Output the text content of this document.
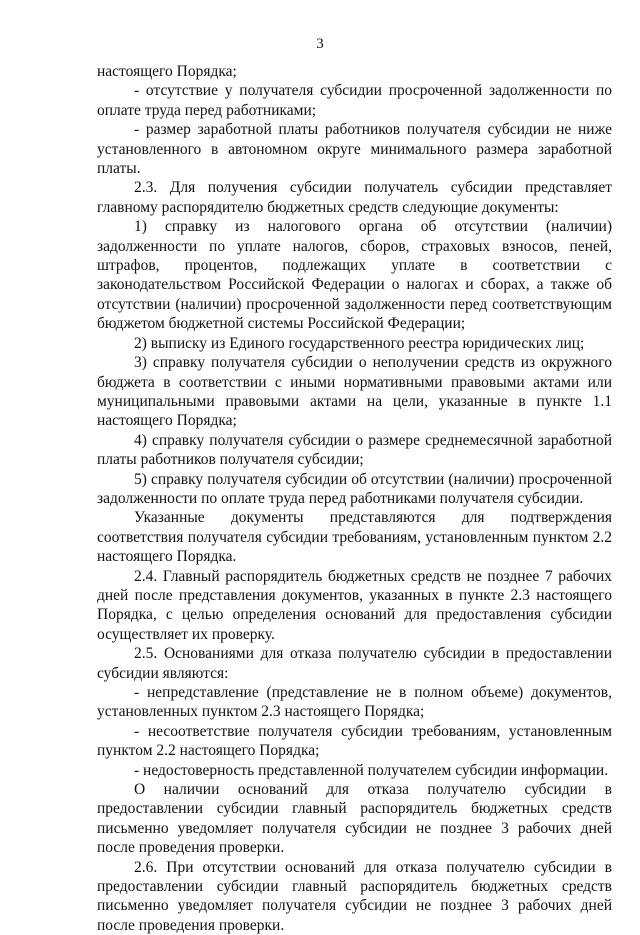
3

настоящего Порядка;

- отсутствие у получателя субсидии просроченной задолженности по оплате труда перед работниками;

- размер заработной платы работников получателя субсидии не ниже установленного в автономном округе минимального размера заработной платы.

2.3. Для получения субсидии получатель субсидии представляет главному распорядителю бюджетных средств следующие документы:

1) справку из налогового органа об отсутствии (наличии) задолженности по уплате налогов, сборов, страховых взносов, пеней, штрафов, процентов, подлежащих уплате в соответствии с законодательством Российской Федерации о налогах и сборах, а также об отсутствии (наличии) просроченной задолженности перед соответствующим бюджетом бюджетной системы Российской Федерации;

2) выписку из Единого государственного реестра юридических лиц;

3) справку получателя субсидии о неполучении средств из окружного бюджета в соответствии с иными нормативными правовыми актами или муниципальными правовыми актами на цели, указанные в пункте 1.1 настоящего Порядка;

4) справку получателя субсидии о размере среднемесячной заработной платы работников получателя субсидии;

5) справку получателя субсидии об отсутствии (наличии) просроченной задолженности по оплате труда перед работниками получателя субсидии.

Указанные документы представляются для подтверждения соответствия получателя субсидии требованиям, установленным пунктом 2.2 настоящего Порядка.

2.4. Главный распорядитель бюджетных средств не позднее 7 рабочих дней после представления документов, указанных в пункте 2.3 настоящего Порядка, с целью определения оснований для предоставления субсидии осуществляет их проверку.

2.5. Основаниями для отказа получателю субсидии в предоставлении субсидии являются:

- непредставление (представление не в полном объеме) документов, установленных пунктом 2.3 настоящего Порядка;

- несоответствие получателя субсидии требованиям, установленным пунктом 2.2 настоящего Порядка;

- недостоверность представленной получателем субсидии информации.

О наличии оснований для отказа получателю субсидии в предоставлении субсидии главный распорядитель бюджетных средств письменно уведомляет получателя субсидии не позднее 3 рабочих дней после проведения проверки.

2.6. При отсутствии оснований для отказа получателю субсидии в предоставлении субсидии главный распорядитель бюджетных средств письменно уведомляет получателя субсидии не позднее 3 рабочих дней после проведения проверки.
